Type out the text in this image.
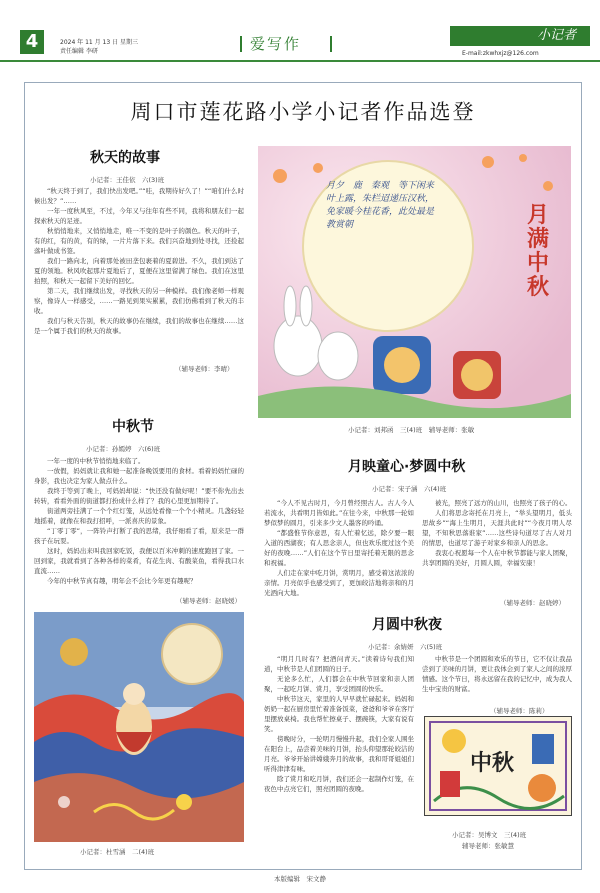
4	2024 年 11 月 13 日 星期三
责任编辑 李研	爱写作	小记者
E-mail:zkwhxjz@126.com
周口市莲花路小学小记者作品选登
秋天的故事
小记者：王佳依　六(3)班

“秋天终于到了，我们快出发吧。”“哇，我期待好久了！”“咱们什么时候出发？”……

一年一度秋风至，不过，今年又与往年有些不同，我将和朋友们一起探索秋天的足迹。

秋悄悄地来，又悄悄地走，唯一不变的是叶子的颜色。秋天的叶子，有的红，有的黄，有的绿，一片片落下来。我们兴奋地到处寻找，还捡起落叶做成书签。

我们一路向北，向着那处被田垄包裹着的夏碧进。不久，我们到达了夏的领地。秋风吹起那片夏地后了，夏便在这里留满了绿色。我们在这里拍照，和秋天一起留下美好的回忆。

第二天，我们继续出发，寻找秋天的另一种模样。我们像老师一样观察，像诗人一样感受，……一路见到果实累累，我们仿佛看到了秋天的丰收。

我们与秋天告别，秋天的故事仍在继续，我们的故事也在继续……这是一个属于我们的秋天的故事。

（辅导老师：李晴）
中秋节
小记者：孙嫣婷　六(6)班

一年一度的中秋节悄悄地来临了。

一放假，妈妈就让我和她一起准备晚饭要用的食材。看着妈妈忙碌的身影，我也决定为家人做点什么。

我终于等到了晚上，可妈妈却说：“快还没有做好呢！”要不你先出去转转，看看外面的街道都打扮成什么样了？我的心里更加期待了。

街道两旁挂满了一个个红灯笼，从远处看像一个个小精灵。几盏轻轻地摇着，就像在和我打招呼，一派喜庆的景象。

“丁零丁零”，一阵铃声打断了我的思绪，我仔细看了看，原来是一群孩子在玩耍。

这时，妈妈出来叫我回家吃饭，我便以百米冲刺的速度跑回了家。一回到家，我就看到了各种各样的菜肴，有花生肉、有酸菜鱼，看得我口水直流……

今年的中秋节真有趣，明年会不会比今年更有趣呢？

（辅导老师：赵晓媛）
小记者：杜雪涵　二(4)班
月夕　鹿　秦观　等下闲来叶上露，朱栏迢递压汉秋，免家暖今桂花香，此处最是教赏朝	月
满
中
秋
小记者：刘邦函　三(4)班　辅导老师：张敏
月映童心·梦圆中秋
小记者：宋子涵　六(4)班

“今人不见古时月，今月曾经照古人。古人今人若流水，共看明月皆如此。”在往今来，中秋那一轮如梦似梦的圆月，引来多少文人墨客的吟诵。

“都盛惟节你意思，有人忙着忆远，除夕要一眼入道的西湖夜；有人思念亲人，但也欢乐度过这个美好的夜晚……”人们在这个节日里寄托着无限的思念和祝福。

人们走在家中吃月饼，赏明月，感受着这浓浓的亲情。月亮似乎也感受到了，更加皎洁地将亲和的月光洒向大地。

被光，照亮了远方的山川，也照亮了孩子的心。

人们将思念寄托在月亮上，“举头望明月，低头思故乡”“海上生明月，天涯共此时”“今夜月明人尽望，不知秋思落谁家”……这些诗句道尽了古人对月的情思，也道尽了游子对家乡和亲人的思念。

我衷心祝愿每一个人在中秋节都能与家人团聚，共享团圆的美好，月圆人圆，幸福安康！

（辅导老师：赵晓婷）
月圆中秋夜
小记者：余婧妍　六(5)班

“明月几时有？把酒问青天。”读着诗句我们知道，中秋节是人们团圆的日子。

无论多么忙，人们都会在中秋节回家和亲人团聚，一起吃月饼、赏月，享受团圆的快乐。

中秋节这天，家里的人早早就忙碌起来。妈妈和奶奶一起在厨房里忙着准备饭菜，爸爸和爷爷在客厅里摆放桌椅。我也帮忙擦桌子、摆碗筷，大家有说有笑。

傍晚时分，一轮明月慢慢升起，我们全家人围坐在阳台上，品尝着美味的月饼，抬头仰望那轮皎洁的月亮。爷爷开始讲嫦娥奔月的故事，我和哥哥姐姐们听得津津有味。

除了赏月和吃月饼，我们还会一起制作灯笼，在夜色中点亮它们，照亮团圆的夜晚。

中秋节是一个团圆和欢乐的节日，它不仅让我品尝到了美味的月饼，更让我体会到了家人之间的浓厚情感。这个节日，将永远留在我的记忆中，成为我人生中宝贵的财富。

（辅导老师：陈莉）
中秋
小记者：吴博文　三(4)班
辅导老师：张敏慧
本版编辑　宋文静
